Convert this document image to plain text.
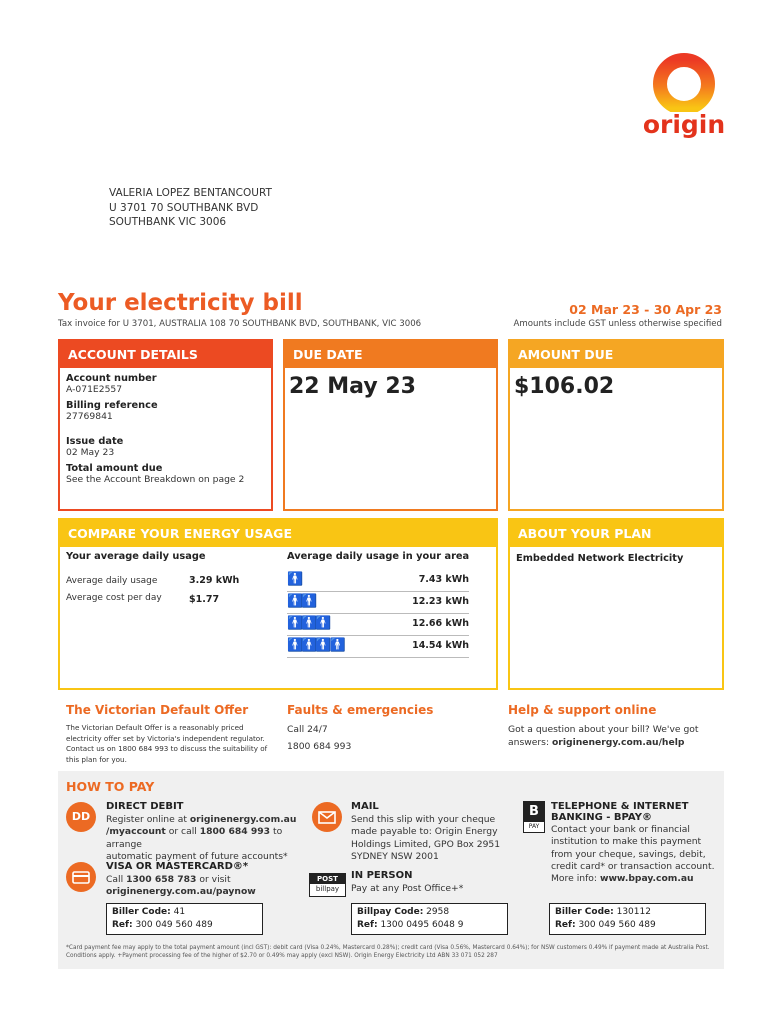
origin
VALERIA LOPEZ BENTANCOURT
U 3701 70 SOUTHBANK BVD
SOUTHBANK VIC 3006
Your electricity bill
Tax invoice for U 3701, AUSTRALIA 108 70 SOUTHBANK BVD, SOUTHBANK, VIC 3006
02 Mar 23 - 30 Apr 23
Amounts include GST unless otherwise specified
ACCOUNT DETAILS
Account number
A-071E2557
Billing reference
27769841
Issue date
02 May 23
Total amount due
See the Account Breakdown on page 2
DUE DATE
22 May 23
AMOUNT DUE
$106.02
COMPARE YOUR ENERGY USAGE
Your average daily usage
Average daily usage	3.29 kWh
Average cost per day	$1.77
Average daily usage in your area
🚹	7.43 kWh
🚹🚹	12.23 kWh
🚹🚹🚹	12.66 kWh
🚹🚹🚹🚹	14.54 kWh
ABOUT YOUR PLAN
Embedded Network Electricity
The Victorian Default Offer
The Victorian Default Offer is a reasonably priced electricity offer set by Victoria's independent regulator. Contact us on 1800 684 993 to discuss the suitability of this plan for you.
Faults & emergencies
Call 24/7
1800 684 993
Help & support online
Got a question about your bill? We've got
answers: originenergy.com.au/help
HOW TO PAY
DD
DIRECT DEBIT
Register online at originenergy.com.au
/myaccount or call 1800 684 993 to arrange
automatic payment of future accounts*
VISA OR MASTERCARD®*
Call 1300 658 783 or visit
originenergy.com.au/paynow
MAIL
Send this slip with your cheque
made payable to: Origin Energy
Holdings Limited, GPO Box 2951
SYDNEY NSW 2001
POST
billpay
IN PERSON
Pay at any Post Office+*
B
PAY
TELEPHONE & INTERNET
BANKING - BPAY®
Contact your bank or financial
institution to make this payment
from your cheque, savings, debit,
credit card* or transaction account.
More info: www.bpay.com.au
Biller Code: 41
Ref: 300 049 560 489
Billpay Code: 2958
Ref: 1300 0495 6048 9
Biller Code: 130112
Ref: 300 049 560 489
*Card payment fee may apply to the total payment amount (incl GST): debit card (Visa 0.24%, Mastercard 0.28%); credit card (Visa 0.56%, Mastercard 0.64%); for NSW customers 0.49% if payment made at Australia Post. Conditions apply. +Payment processing fee of the higher of $2.70 or 0.49% may apply (excl NSW). Origin Energy Electricity Ltd ABN 33 071 052 287
